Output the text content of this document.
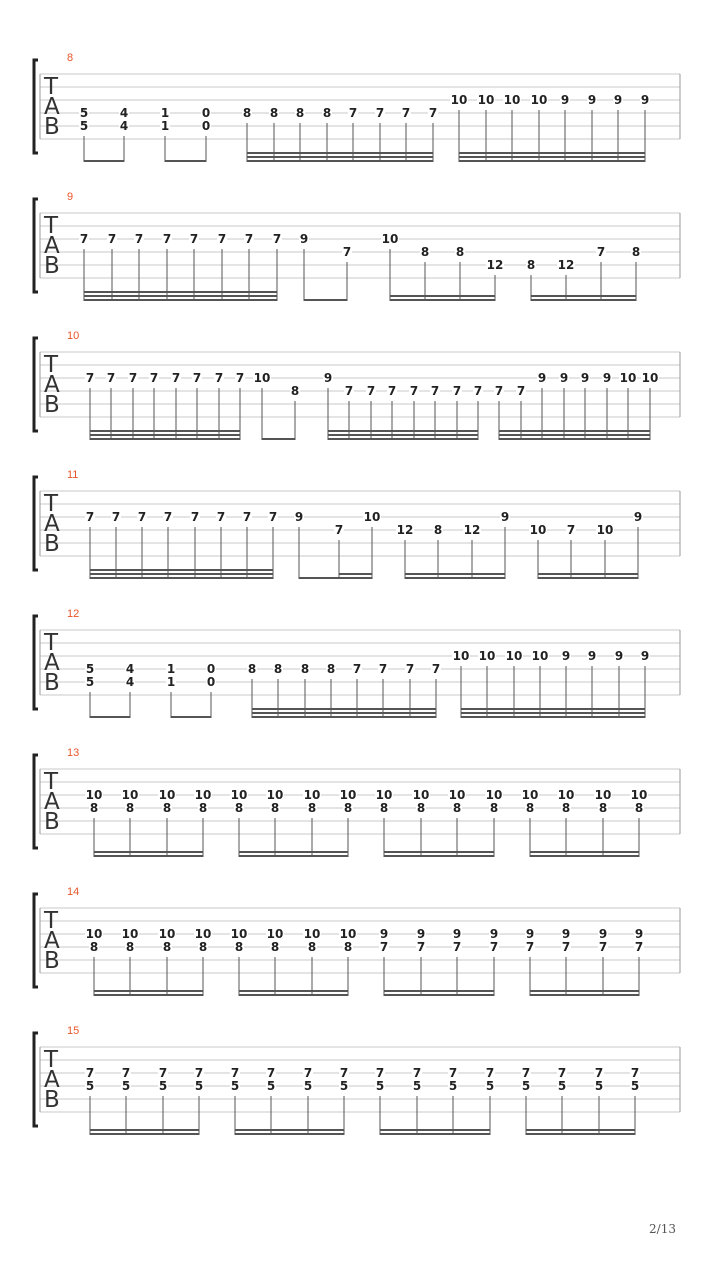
8
T
A
B
5
5
4
4
1
1
0
0
8 8 8 8 7 7 7 7
10 10 10 10 9 9 9 9
9
T
A
B
7 7 7 7 7 7 7 7 9
7
10
8 8
12 8 12
7 8
10
T
A
B
7 7 7 7 7 7 7 7 10
8
9
7 7 7 7 7 7 7 7 7
9 9 9 9 10 10
11
T
A
B
7 7 7 7 7 7 7 7 9
7
10
12 8 12
9
10 7 10
9
12
T
A
B
5
5
4
4
1
1
0
0
8 8 8 8 7 7 7 7
10 10 10 10 9 9 9 9
13
T
A
B
10
8
10
8
10
8
10
8
10
8
10
8
10
8
10
8
10
8
10
8
10
8
10
8
10
8
10
8
10
8
10
8
14
T
A
B
10
8
10
8
10
8
10
8
10
8
10
8
10
8
10
8
9
7
9
7
9
7
9
7
9
7
9
7
9
7
9
7
15
T
A
B
7
5
7
5
7
5
7
5
7
5
7
5
7
5
7
5
7
5
7
5
7
5
7
5
7
5
7
5
7
5
7
5
2/13
